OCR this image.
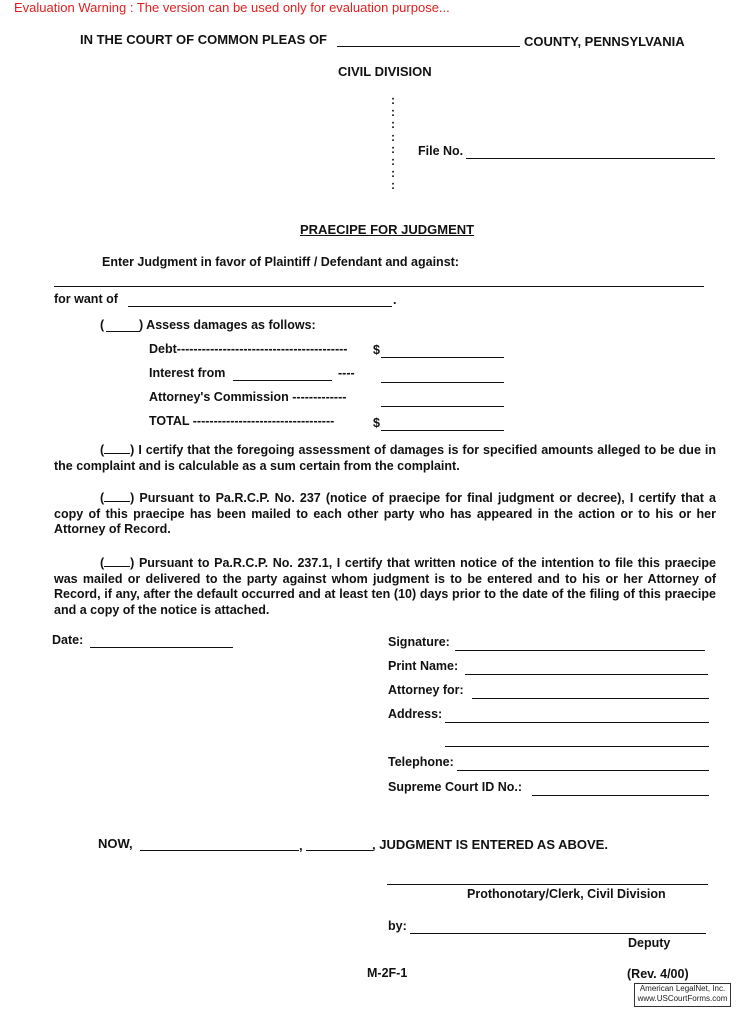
Evaluation Warning : The version can be used only for evaluation purpose...
IN THE COURT OF COMMON PLEAS OF	COUNTY, PENNSYLVANIA
CIVIL DIVISION
:
:
:
:
:
:
:
:
File No.
PRAECIPE FOR JUDGMENT
Enter Judgment in favor of Plaintiff / Defendant and against:
for want of	.
(	) Assess damages as follows:
Debt----------------------------------------- $
Interest from	----
Attorney's Commission -------------
TOTAL ----------------------------------	$
( ) I certify that the foregoing assessment of damages is for specified amounts alleged to be due in the complaint and is calculable as a sum certain from the complaint.
( ) Pursuant to Pa.R.C.P. No. 237 (notice of praecipe for final judgment or decree), I certify that a copy of this praecipe has been mailed to each other party who has appeared in the action or to his or her Attorney of Record.
( ) Pursuant to Pa.R.C.P. No. 237.1, I certify that written notice of the intention to file this praecipe was mailed or delivered to the party against whom judgment is to be entered and to his or her Attorney of Record, if any, after the default occurred and at least ten (10) days prior to the date of the filing of this praecipe and a copy of the notice is attached.
Date:	Signature:
Print Name:
Attorney for:
Address:
Telephone:
Supreme Court ID No.:
NOW,	,	, JUDGMENT IS ENTERED AS ABOVE.
Prothonotary/Clerk, Civil Division
by:
Deputy
M-2F-1	(Rev. 4/00)
American LegalNet, Inc.
www.USCourtForms.com
